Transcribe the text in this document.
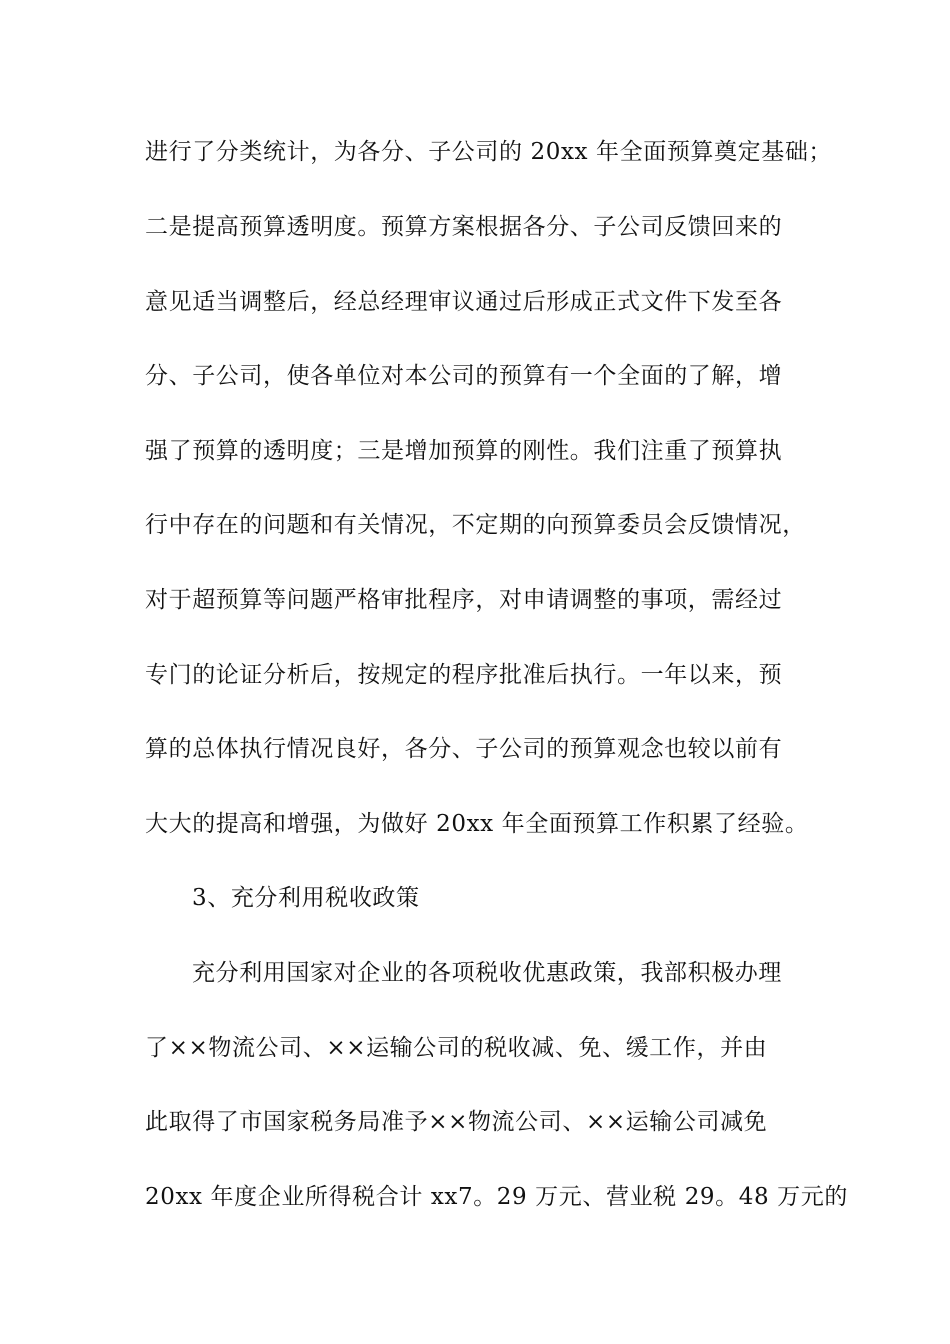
进行了分类统计，为各分、子公司的 20xx 年全面预算奠定基础；
二是提高预算透明度。预算方案根据各分、子公司反馈回来的
意见适当调整后，经总经理审议通过后形成正式文件下发至各
分、子公司，使各单位对本公司的预算有一个全面的了解，增
强了预算的透明度；三是增加预算的刚性。我们注重了预算执
行中存在的问题和有关情况，不定期的向预算委员会反馈情况，
对于超预算等问题严格审批程序，对申请调整的事项，需经过
专门的论证分析后，按规定的程序批准后执行。一年以来，预
算的总体执行情况良好，各分、子公司的预算观念也较以前有
大大的提高和增强，为做好 20xx 年全面预算工作积累了经验。
3、充分利用税收政策
充分利用国家对企业的各项税收优惠政策，我部积极办理
了××物流公司、××运输公司的税收减、免、缓工作，并由
此取得了市国家税务局准予××物流公司、××运输公司减免
20xx 年度企业所得税合计 xx7。29 万元、营业税 29。48 万元的
